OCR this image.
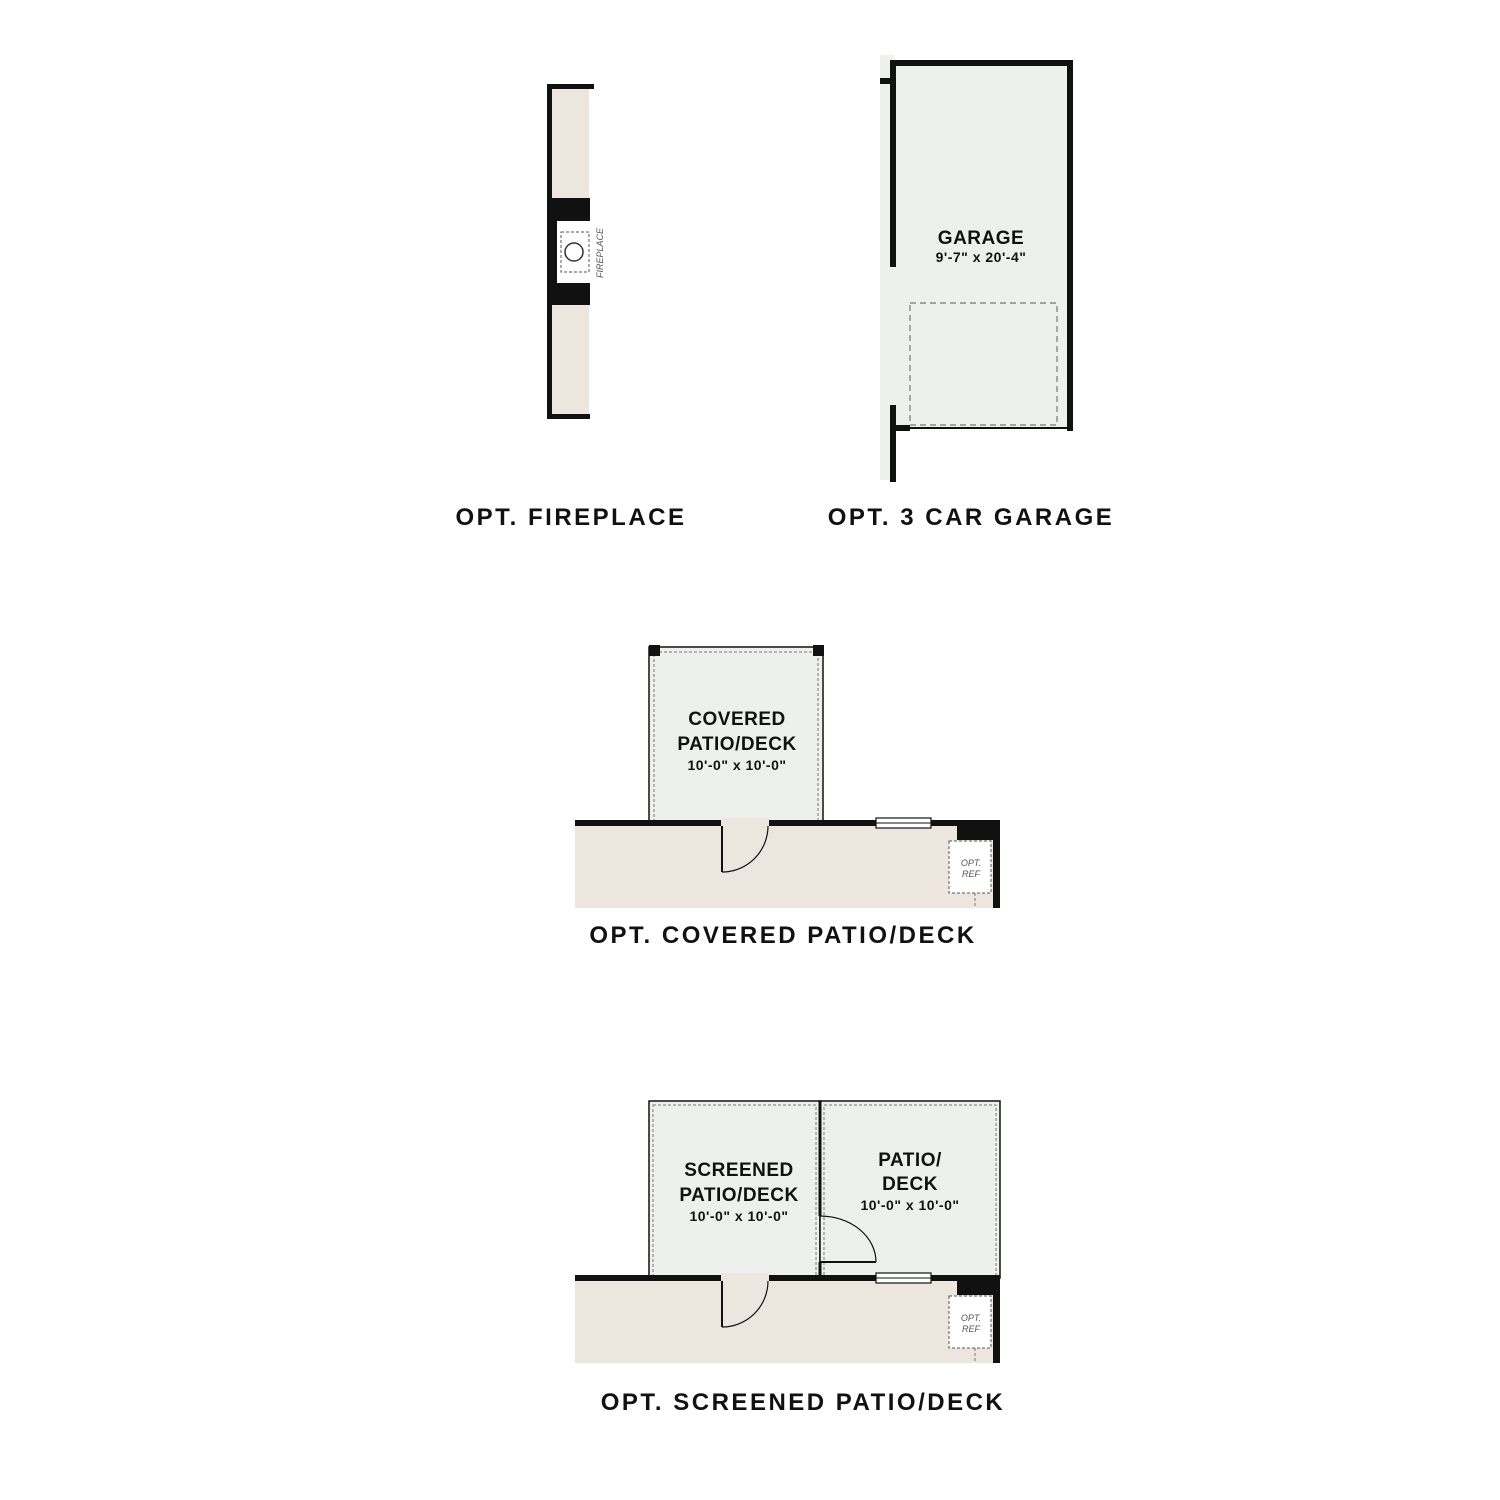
FIREPLACE
OPT. FIREPLACE
GARAGE
9'-7" x 20'-4"
OPT. 3 CAR GARAGE
OPT.
REF
COVERED
PATIO/DECK
10'-0" x 10'-0"
OPT. COVERED PATIO/DECK
OPT.
REF
SCREENED
PATIO/DECK
10'-0" x 10'-0"
PATIO/
DECK
10'-0" x 10'-0"
OPT. SCREENED PATIO/DECK
